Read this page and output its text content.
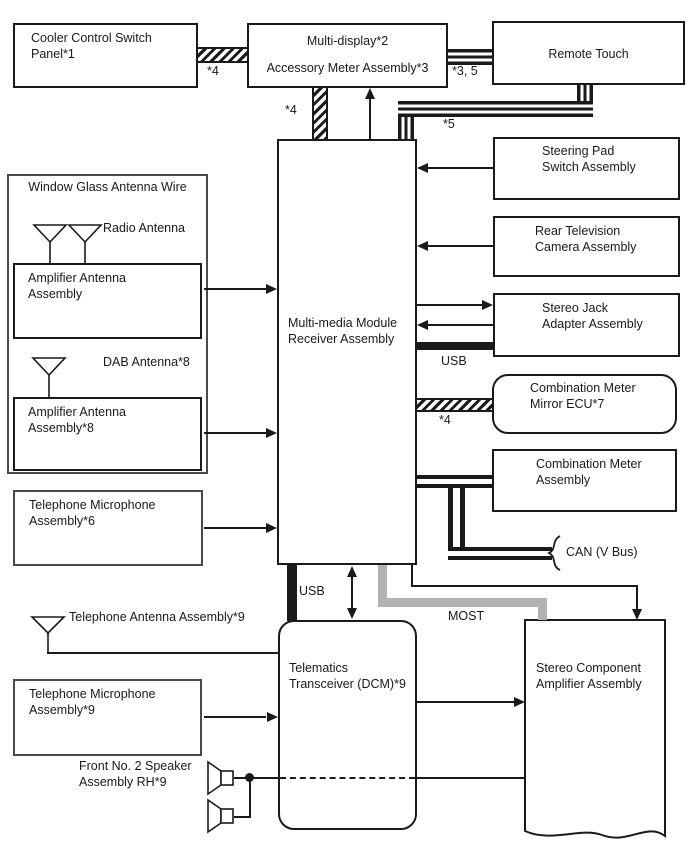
Window Glass Antenna Wire
Cooler Control Switch
Panel*1
Multi-display*2
Accessory Meter Assembly*3
Remote Touch
Amplifier Antenna
Assembly
Amplifier Antenna
Assembly*8
Telephone Microphone
Assembly*6
Multi-media Module
Receiver Assembly
Steering Pad
Switch Assembly
Rear Television
Camera Assembly
Stereo Jack
Adapter Assembly
Combination Meter
Mirror ECU*7
Combination Meter
Assembly
Telematics
Transceiver (DCM)*9
Stereo Component
Amplifier Assembly
Telephone Microphone
Assembly*9
*4	*3, 5
*4
*5
Radio Antenna
DAB Antenna*8	USB
*4
CAN (V Bus)
USB
MOST
Telephone Antenna Assembly*9
Front No. 2 Speaker
Assembly RH*9
